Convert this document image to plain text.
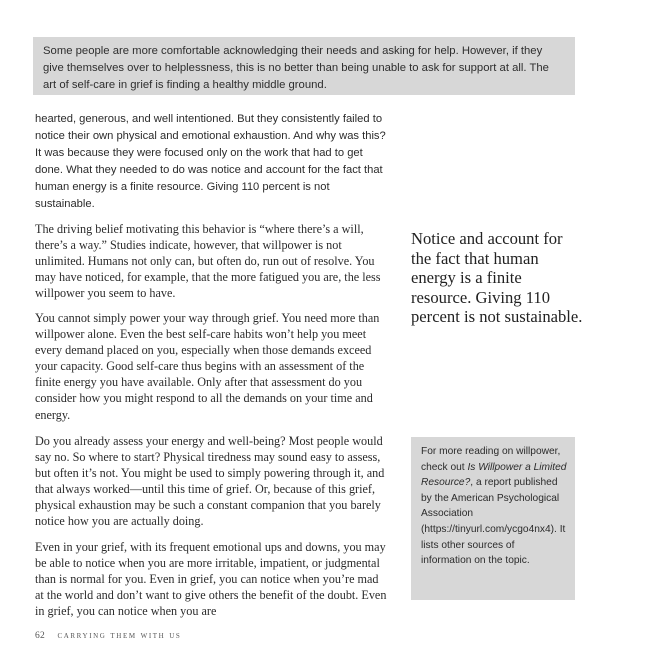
Some people are more comfortable acknowledging their needs and asking for help. However, if they give themselves over to helplessness, this is no better than being unable to ask for support at all. The art of self-care in grief is finding a healthy middle ground.

hearted, generous, and well intentioned. But they consistently failed to notice their own physical and emotional exhaustion. And why was this? It was because they were focused only on the work that had to get done. What they needed to do was notice and account for the fact that human energy is a finite resource. Giving 110 percent is not sustainable.

The driving belief motivating this behavior is “where there’s a will, there’s a way.” Studies indicate, however, that willpower is not unlimited. Humans not only can, but often do, run out of resolve. You may have noticed, for example, that the more fatigued you are, the less willpower you seem to have.

You cannot simply power your way through grief. You need more than willpower alone. Even the best self-care habits won’t help you meet every demand placed on you, especially when those demands exceed your capacity. Good self-care thus begins with an assessment of the finite energy you have available. Only after that assessment do you consider how you might respond to all the demands on your time and energy.

Do you already assess your energy and well-being? Most people would say no. So where to start? Physical tiredness may sound easy to assess, but often it’s not. You might be used to simply powering through it, and that always worked—until this time of grief. Or, because of this grief, physical exhaustion may be such a constant companion that you barely notice how you are actually doing.

Even in your grief, with its frequent emotional ups and downs, you may be able to notice when you are more irritable, impatient, or judgmental than is normal for you. Even in grief, you can notice when you’re mad at the world and don’t want to give others the benefit of the doubt. Even in grief, you can notice when you are

Notice and account for the fact that human energy is a finite resource. Giving 110 percent is not sustainable.

For more reading on willpower, check out Is Willpower a Limited Resource?, a report published by the American Psychological Association (https://tinyurl.com/ycgo4nx4). It lists other sources of information on the topic.

62 carrying them with us
